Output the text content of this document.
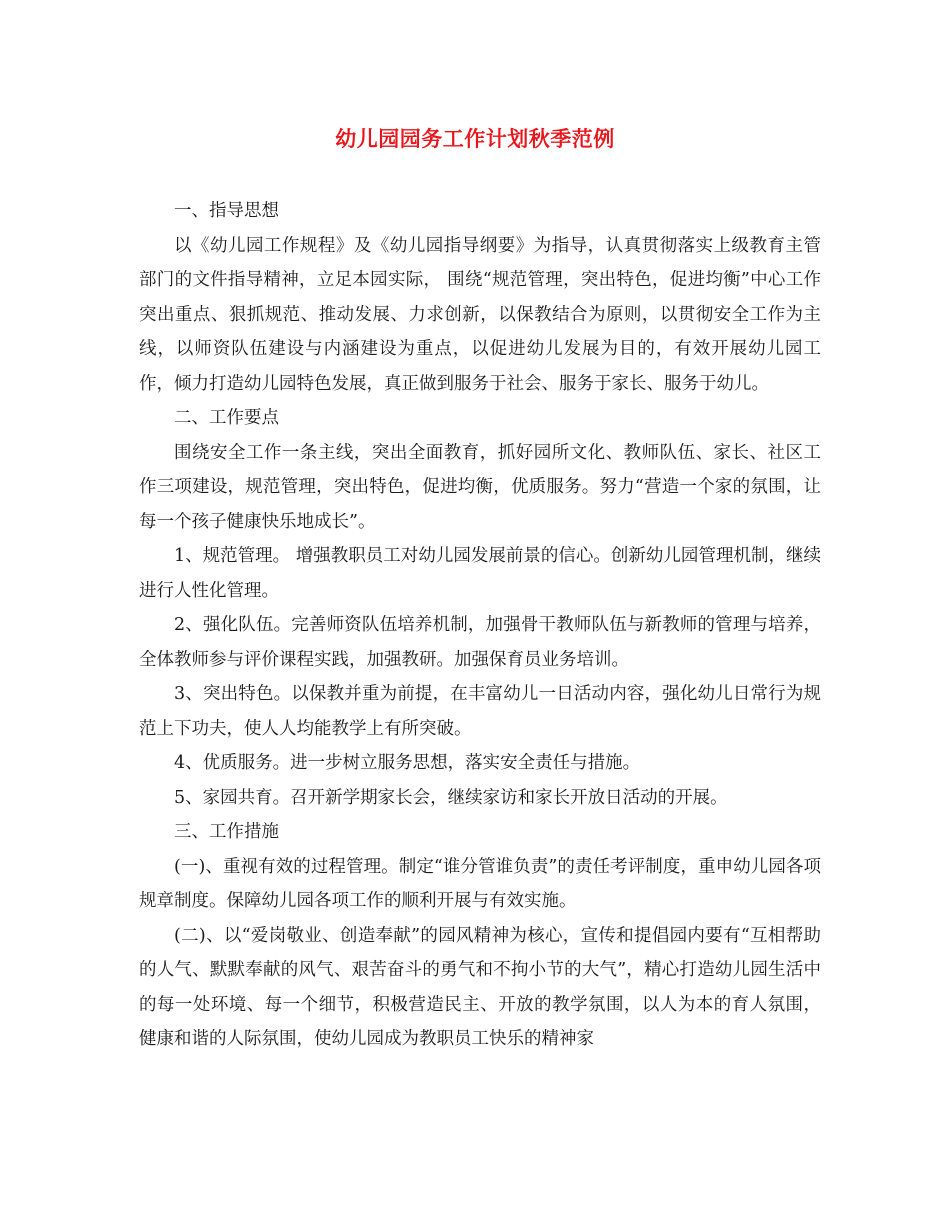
幼儿园园务工作计划秋季范例

一、指导思想

以《幼儿园工作规程》及《幼儿园指导纲要》为指导，认真贯彻落实上级教育主管部门的文件指导精神，立足本园实际， 围绕“规范管理，突出特色，促进均衡”中心工作突出重点、狠抓规范、推动发展、力求创新，以保教结合为原则，以贯彻安全工作为主线，以师资队伍建设与内涵建设为重点，以促进幼儿发展为目的，有效开展幼儿园工作，倾力打造幼儿园特色发展，真正做到服务于社会、服务于家长、服务于幼儿。

二、工作要点

围绕安全工作一条主线，突出全面教育，抓好园所文化、教师队伍、家长、社区工作三项建设，规范管理，突出特色，促进均衡，优质服务。努力“营造一个家的氛围，让每一个孩子健康快乐地成长”。

1、规范管理。 增强教职员工对幼儿园发展前景的信心。创新幼儿园管理机制，继续进行人性化管理。

2、强化队伍。完善师资队伍培养机制，加强骨干教师队伍与新教师的管理与培养，全体教师参与评价课程实践，加强教研。加强保育员业务培训。

3、突出特色。以保教并重为前提，在丰富幼儿一日活动内容，强化幼儿日常行为规范上下功夫，使人人均能教学上有所突破。

4、优质服务。进一步树立服务思想，落实安全责任与措施。

5、家园共育。召开新学期家长会，继续家访和家长开放日活动的开展。

三、工作措施

(一)、重视有效的过程管理。制定“谁分管谁负责”的责任考评制度，重申幼儿园各项规章制度。保障幼儿园各项工作的顺利开展与有效实施。

(二)、以“爱岗敬业、创造奉献”的园风精神为核心，宣传和提倡园内要有“互相帮助的人气、默默奉献的风气、艰苦奋斗的勇气和不拘小节的大气”，精心打造幼儿园生活中的每一处环境、每一个细节，积极营造民主、开放的教学氛围，以人为本的育人氛围，健康和谐的人际氛围，使幼儿园成为教职员工快乐的精神家
